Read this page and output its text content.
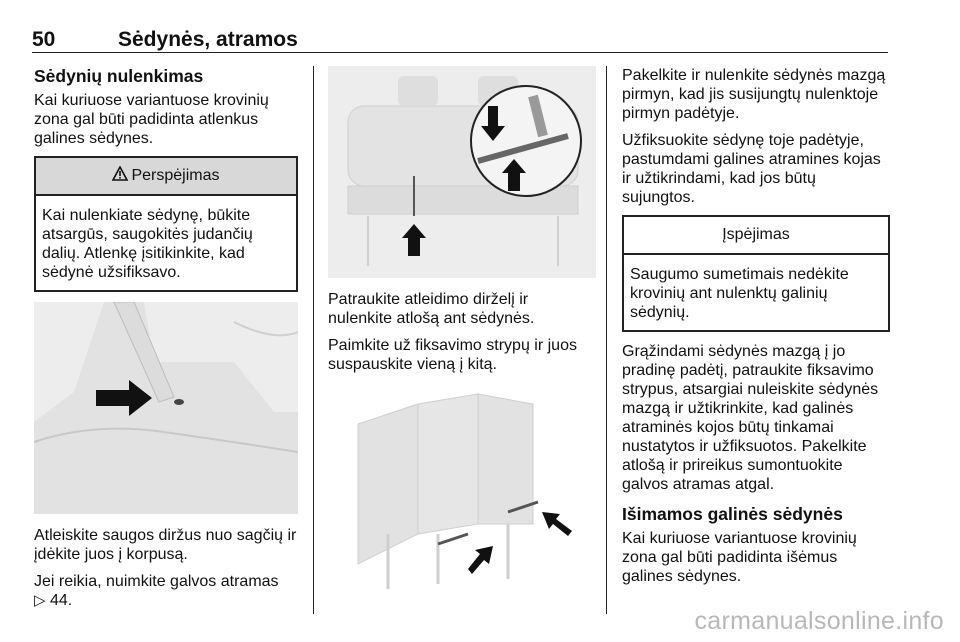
50	Sėdynės, atramos
Sėdynių nulenkimas

Kai kuriuose variantuose krovinių zona gal būti padidinta atlenkus galines sėdynes.

Perspėjimas
Kai nulenkiate sėdynę, būkite atsargūs, saugokitės judančių dalių. Atlenkę įsitikinkite, kad sėdynė užsifiksavo.

Atleiskite saugos diržus nuo sagčių ir įdėkite juos į korpusą.

Jei reikia, nuimkite galvos atramas
▷ 44.

Patraukite atleidimo dirželį ir nulenkite atlošą ant sėdynės.

Paimkite už fiksavimo strypų ir juos suspauskite vieną į kitą.

Pakelkite ir nulenkite sėdynės mazgą pirmyn, kad jis susijungtų nulenktoje pirmyn padėtyje.

Užfiksuokite sėdynę toje padėtyje, pastumdami galines atramines kojas ir užtikrindami, kad jos būtų sujungtos.

Įspėjimas
Saugumo sumetimais nedėkite krovinių ant nulenktų galinių sėdynių.

Grąžindami sėdynės mazgą į jo pradinę padėtį, patraukite fiksavimo strypus, atsargiai nuleiskite sėdynės mazgą ir užtikrinkite, kad galinės atraminės kojos būtų tinkamai nustatytos ir užfiksuotos. Pakelkite atlošą ir prireikus sumontuokite galvos atramas atgal.

Išimamos galinės sėdynės

Kai kuriuose variantuose krovinių zona gal būti padidinta išėmus galines sėdynes.

carmanualsonline.info
